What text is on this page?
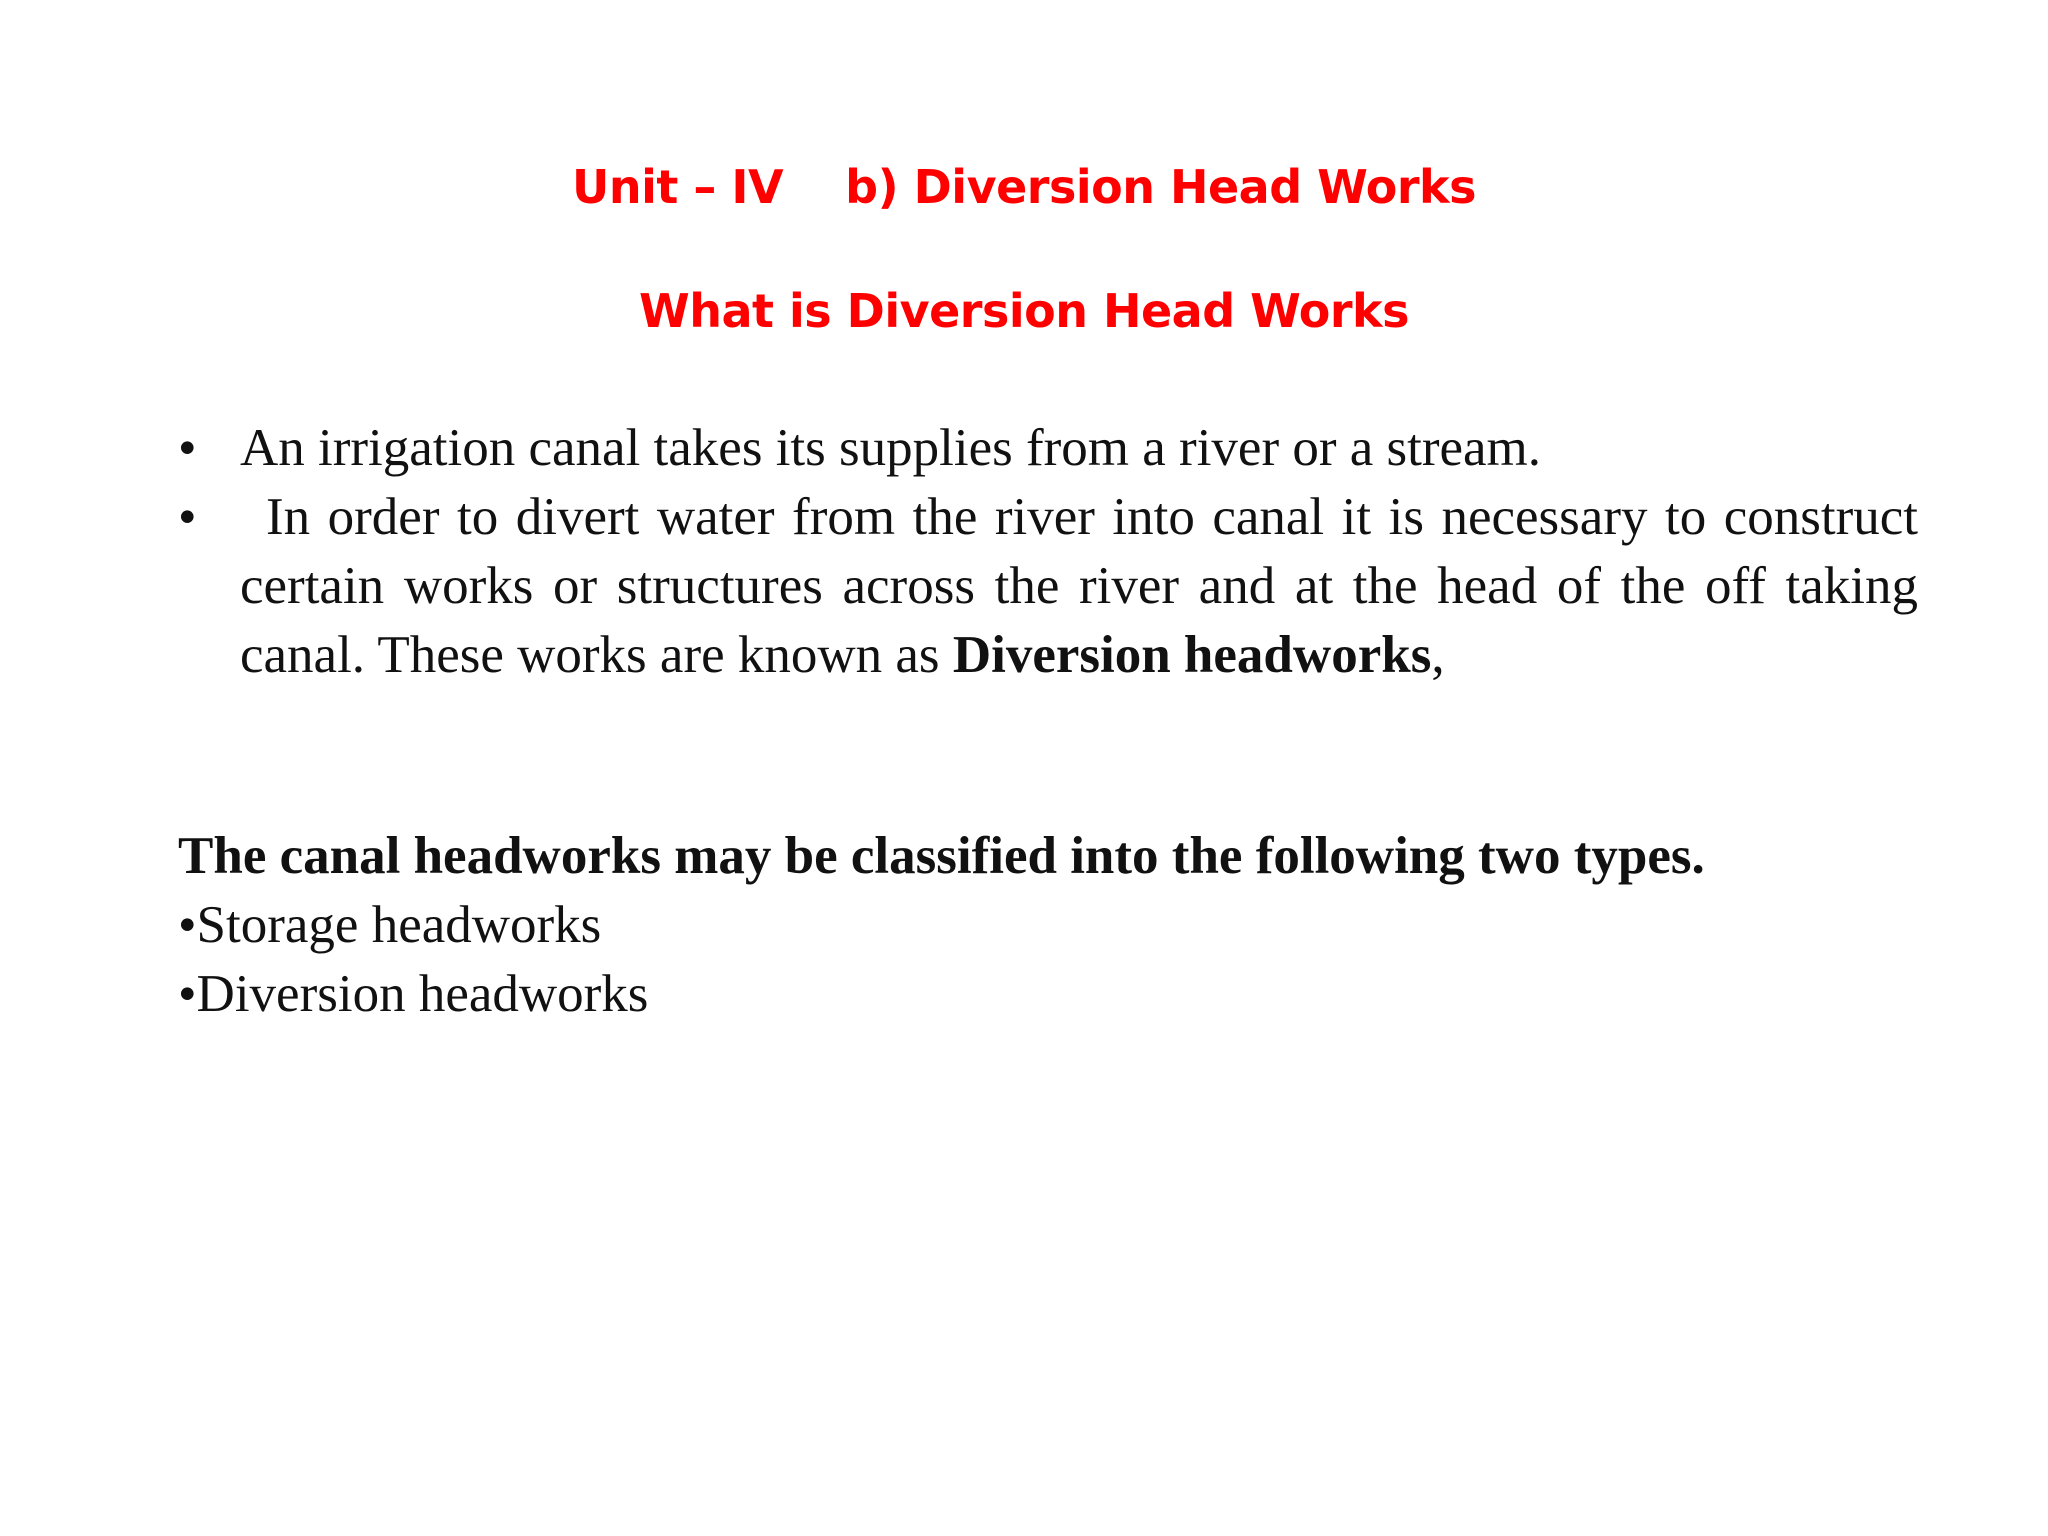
Unit – IV    b) Diversion Head Works
What is Diversion Head Works
• An irrigation canal takes its supplies from a river or a stream.
• In order to divert water from the river into canal it is necessary to construct certain works or structures across the river and at the head of the off taking canal. These works are known as Diversion headworks,
The canal headworks may be classified into the following two types.
•Storage headworks
•Diversion headworks
